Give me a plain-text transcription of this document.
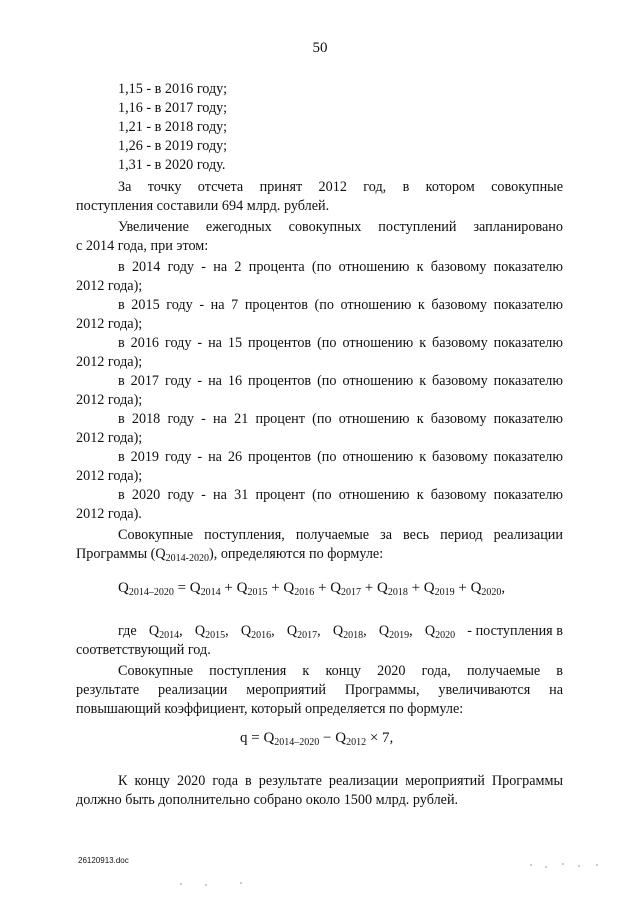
50
1,15 - в 2016 году;
1,16 - в 2017 году;
1,21 - в 2018 году;
1,26 - в 2019 году;
1,31 - в 2020 году.
За точку отсчета принят 2012 год, в котором совокупные
поступления составили 694 млрд. рублей.
Увеличение ежегодных совокупных поступлений запланировано
с 2014 года, при этом:
в 2014 году - на 2 процента (по отношению к базовому показателю
2012 года);
в 2015 году - на 7 процентов (по отношению к базовому показателю
2012 года);
в 2016 году - на 15 процентов (по отношению к базовому показателю
2012 года);
в 2017 году - на 16 процентов (по отношению к базовому показателю
2012 года);
в 2018 году - на 21 процент (по отношению к базовому показателю
2012 года);
в 2019 году - на 26 процентов (по отношению к базовому показателю
2012 года);
в 2020 году - на 31 процент (по отношению к базовому показателю
2012 года).
Совокупные поступления, получаемые за весь период реализации
Программы $(Q_{2014-2020})$, определяются по формуле:
$Q_{2014-2020} = Q_{2014} + Q_{2015} + Q_{2016} + Q_{2017} + Q_{2018} + Q_{2019} + Q_{2020}$,
где $Q_{2014}$, $Q_{2015}$, $Q_{2016}$, $Q_{2017}$, $Q_{2018}$, $Q_{2019}$, $Q_{2020}$ - поступления в
соответствующий год.
Совокупные поступления к концу 2020 года, получаемые в
результате реализации мероприятий Программы, увеличиваются на
повышающий коэффициент, который определяется по формуле:
$q = Q_{2014-2020} - Q_{2012} \times 7$,
К концу 2020 года в результате реализации мероприятий Программы
должно быть дополнительно собрано около 1500 млрд. рублей.
26120913.doc
